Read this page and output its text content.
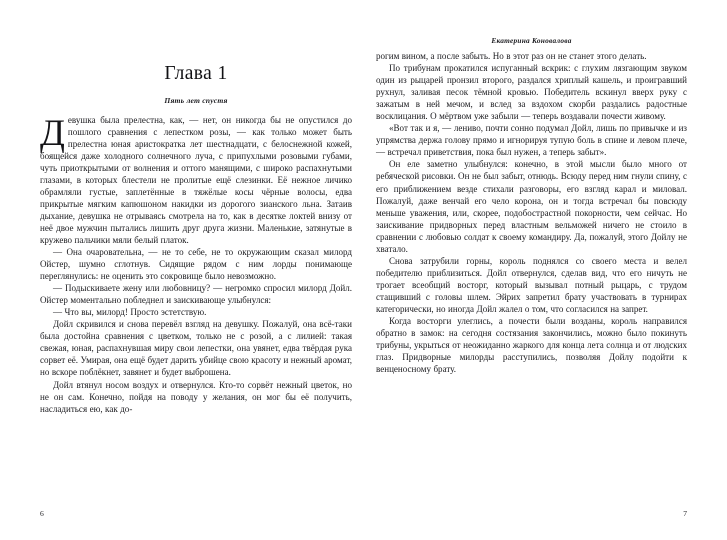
Глава 1
Пять лет спустя

Девушка была прелестна, как, — нет, он никогда бы не опустился до пошлого сравнения с лепестком розы, — как только может быть прелестна юная аристократка лет шестнадцати, с белоснежной кожей, боящейся даже холодного солнечного луча, с припухлыми розовыми губами, чуть приоткрытыми от волнения и оттого манящими, с широко распахнутыми глазами, в которых блестели не пролитые ещё слезинки. Её нежное личико обрамляли густые, заплетённые в тяжёлые косы чёрные волосы, едва прикрытые мягким капюшоном накидки из дорогого зианского льна. Затаив дыхание, девушка не отрываясь смотрела на то, как в десятке локтей внизу от неё двое мужчин пытались лишить друг друга жизни. Маленькие, затянутые в кружево пальчики мяли белый платок.

— Она очаровательна, — не то себе, не то окружающим сказал милорд Ойстер, шумно сглотнув. Сидящие рядом с ним лорды понимающе переглянулись: не оценить это сокровище было невозможно.

— Подыскиваете жену или любовницу? — негромко спросил милорд Дойл. Ойстер моментально побледнел и заискивающе улыбнулся:

— Что вы, милорд! Просто эстетствую.

Дойл скривился и снова перевёл взгляд на девушку. Пожалуй, она всё-таки была достойна сравнения с цветком, только не с розой, а с лилией: такая свежая, юная, распахнувшая миру свои лепестки, она увянет, едва твёрдая рука сорвет её. Умирая, она ещё будет дарить убийце свою красоту и нежный аромат, но вскоре поблёкнет, завянет и будет выброшена.

Дойл втянул носом воздух и отвернулся. Кто-то сорвёт нежный цветок, но не он сам. Конечно, пойдя на поводу у желания, он мог бы её получить, насладиться ею, как до-

6
Екатерина Коновалова

рогим вином, а после забыть. Но в этот раз он не станет этого делать.

По трибунам прокатился испуганный вскрик: с глухим лязгающим звуком один из рыцарей пронзил второго, раздался хриплый кашель, и проигравший рухнул, заливая песок тёмной кровью. Победитель вскинул вверх руку с зажатым в ней мечом, и вслед за вздохом скорби раздались радостные восклицания. О мёртвом уже забыли — теперь воздавали почести живому.

«Вот так и я, — лениво, почти сонно подумал Дойл, лишь по привычке и из упрямства держа голову прямо и игнорируя тупую боль в спине и левом плече, — встречал приветствия, пока был нужен, а теперь забыт».

Он еле заметно улыбнулся: конечно, в этой мысли было много от ребяческой рисовки. Он не был забыт, отнюдь. Всюду перед ним гнули спину, с его приближением везде стихали разговоры, его взгляд карал и миловал. Пожалуй, даже венчай его чело корона, он и тогда встречал бы повсюду меньше уважения, или, скорее, подобострастной покорности, чем сейчас. Но заискивание придворных перед властным вельможей ничего не стоило в сравнении с любовью солдат к своему командиру. Да, пожалуй, этого Дойлу не хватало.

Снова затрубили горны, король поднялся со своего места и велел победителю приблизиться. Дойл отвернулся, сделав вид, что его ничуть не трогает всеобщий восторг, который вызывал потный рыцарь, с трудом стащивший с головы шлем. Эйрих запретил брату участвовать в турнирах категорически, но иногда Дойл жалел о том, что согласился на запрет.

Когда восторги улеглись, а почести были возданы, король направился обратно в замок: на сегодня состязания закончились, можно было покинуть трибуны, укрыться от неожиданно жаркого для конца лета солнца и от людских глаз. Придворные милорды расступились, позволяя Дойлу подойти к венценосному брату.

7
